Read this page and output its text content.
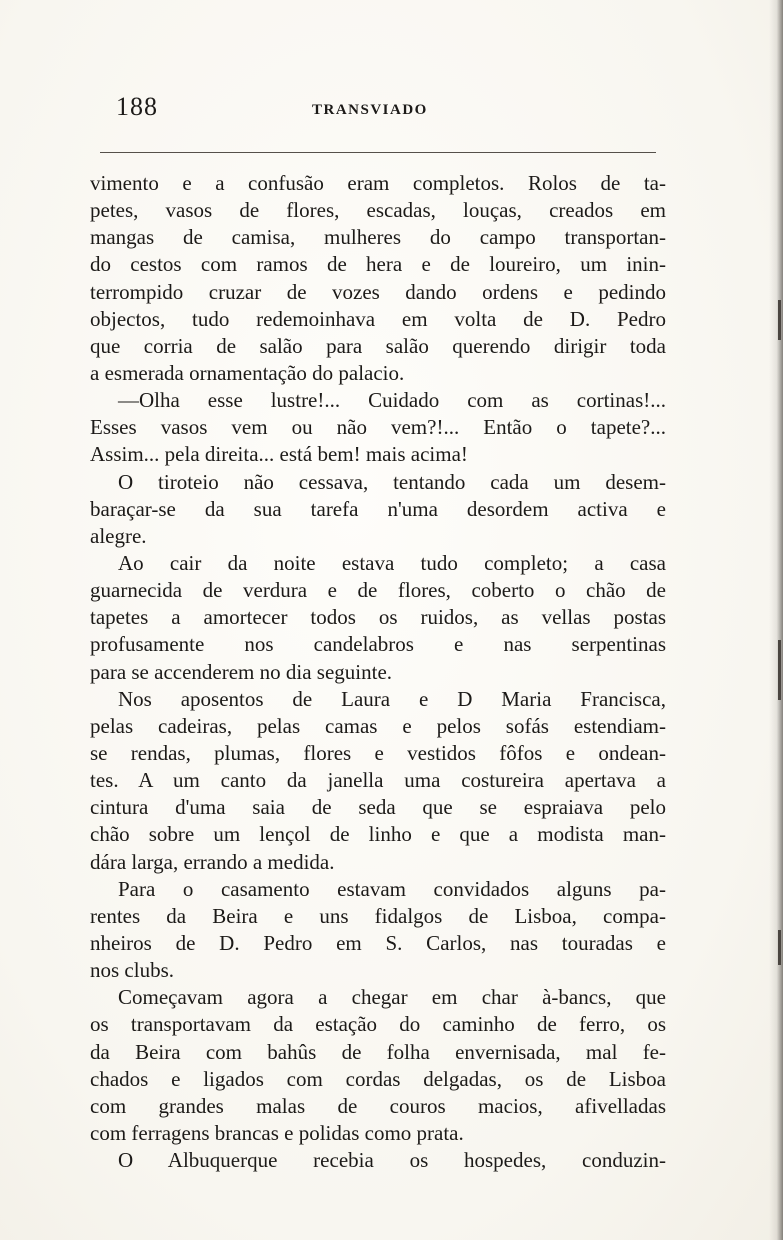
188	TRANSVIADO
vimento e a confusão eram completos. Rolos de ta-
petes, vasos de flores, escadas, louças, creados em
mangas de camisa, mulheres do campo transportan-
do cestos com ramos de hera e de loureiro, um inin-
terrompido cruzar de vozes dando ordens e pedindo
objectos, tudo redemoinhava em volta de D. Pedro
que corria de salão para salão querendo dirigir toda
a esmerada ornamentação do palacio.
—Olha esse lustre!... Cuidado com as cortinas!...
Esses vasos vem ou não vem?!... Então o tapete?...
Assim... pela direita... está bem! mais acima!
O tiroteio não cessava, tentando cada um desem-
baraçar-se da sua tarefa n'uma desordem activa e
alegre.
Ao cair da noite estava tudo completo; a casa
guarnecida de verdura e de flores, coberto o chão de
tapetes a amortecer todos os ruidos, as vellas postas
profusamente nos candelabros e nas serpentinas
para se accenderem no dia seguinte.
Nos aposentos de Laura e D Maria Francisca,
pelas cadeiras, pelas camas e pelos sofás estendiam-
se rendas, plumas, flores e vestidos fôfos e ondean-
tes. A um canto da janella uma costureira apertava a
cintura d'uma saia de seda que se espraiava pelo
chão sobre um lençol de linho e que a modista man-
dára larga, errando a medida.
Para o casamento estavam convidados alguns pa-
rentes da Beira e uns fidalgos de Lisboa, compa-
nheiros de D. Pedro em S. Carlos, nas touradas e
nos clubs.
Começavam agora a chegar em char à-bancs, que
os transportavam da estação do caminho de ferro, os
da Beira com bahûs de folha envernisada, mal fe-
chados e ligados com cordas delgadas, os de Lisboa
com grandes malas de couros macios, afivelladas
com ferragens brancas e polidas como prata.
O Albuquerque recebia os hospedes, conduzin-
